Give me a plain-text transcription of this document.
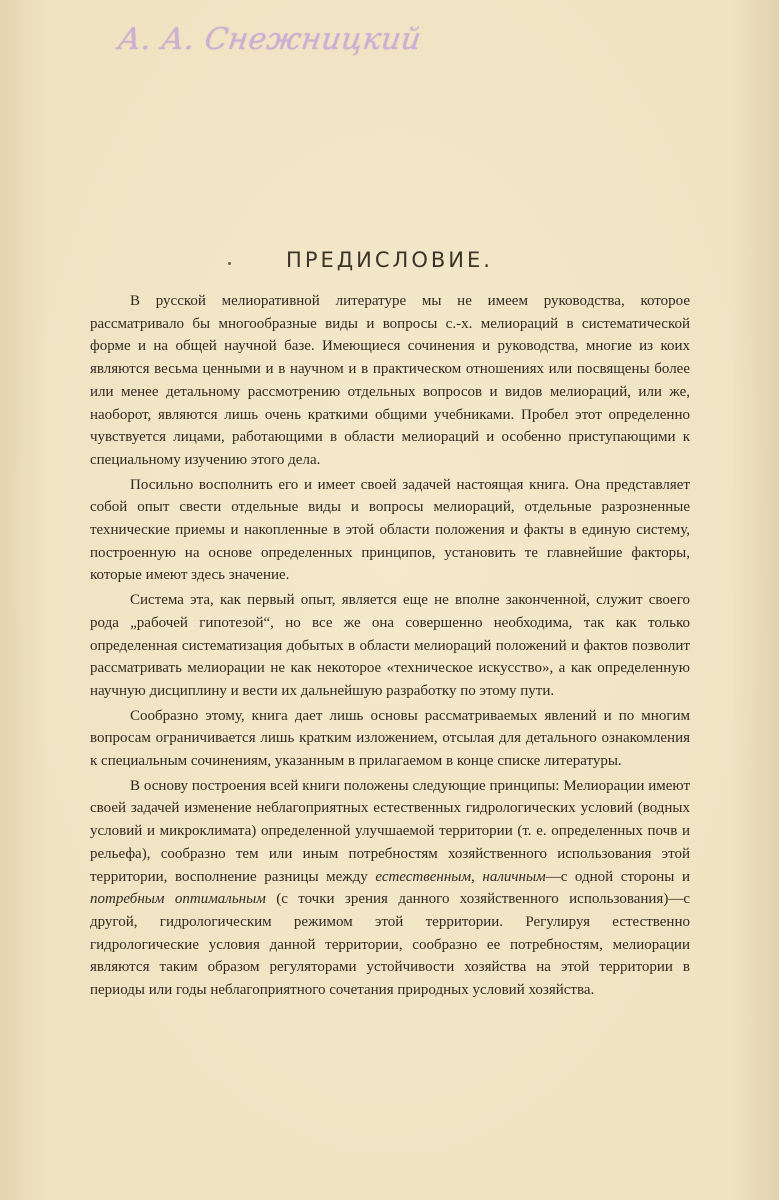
А. А. Снежницкий
ПРЕДИСЛОВИЕ.

В русской мелиоративной литературе мы не имеем руководства, которое рассматривало бы многообразные виды и вопросы с.-х. мелиораций в систематической форме и на общей научной базе. Имеющиеся сочинения и руководства, многие из коих являются весьма ценными и в научном и в практическом отношениях или посвящены более или менее детальному рассмотрению отдельных вопросов и видов мелиораций, или же, наоборот, являются лишь очень краткими общими учебниками. Пробел этот определенно чувствуется лицами, работающими в области мелиораций и особенно приступающими к специальному изучению этого дела.

Посильно восполнить его и имеет своей задачей настоящая книга. Она представляет собой опыт свести отдельные виды и вопросы мелиораций, отдельные разрозненные технические приемы и накопленные в этой области положения и факты в единую систему, построенную на основе определенных принципов, установить те главнейшие факторы, которые имеют здесь значение.

Система эта, как первый опыт, является еще не вполне законченной, служит своего рода „рабочей гипотезой“, но все же она совершенно необходима, так как только определенная систематизация добытых в области мелиораций положений и фактов позволит рассматривать мелиорации не как некоторое «техническое искусство», а как определенную научную дисциплину и вести их дальнейшую разработку по этому пути.

Сообразно этому, книга дает лишь основы рассматриваемых явлений и по многим вопросам ограничивается лишь кратким изложением, отсылая для детального ознакомления к специальным сочинениям, указанным в прилагаемом в конце списке литературы.

В основу построения всей книги положены следующие принципы: Мелиорации имеют своей задачей изменение неблагоприятных естественных гидрологических условий (водных условий и микроклимата) определенной улучшаемой территории (т. е. определенных почв и рельефа), сообразно тем или иным потребностям хозяйственного использования этой территории, восполнение разницы между естественным, наличным—с одной стороны и потребным оптимальным (с точки зрения данного хозяйственного использования)—с другой, гидрологическим режимом этой территории. Регулируя естественно гидрологические условия данной территории, сообразно ее потребностям, мелиорации являются таким образом регуляторами устойчивости хозяйства на этой территории в периоды или годы неблагоприятного сочетания природных условий хозяйства.
